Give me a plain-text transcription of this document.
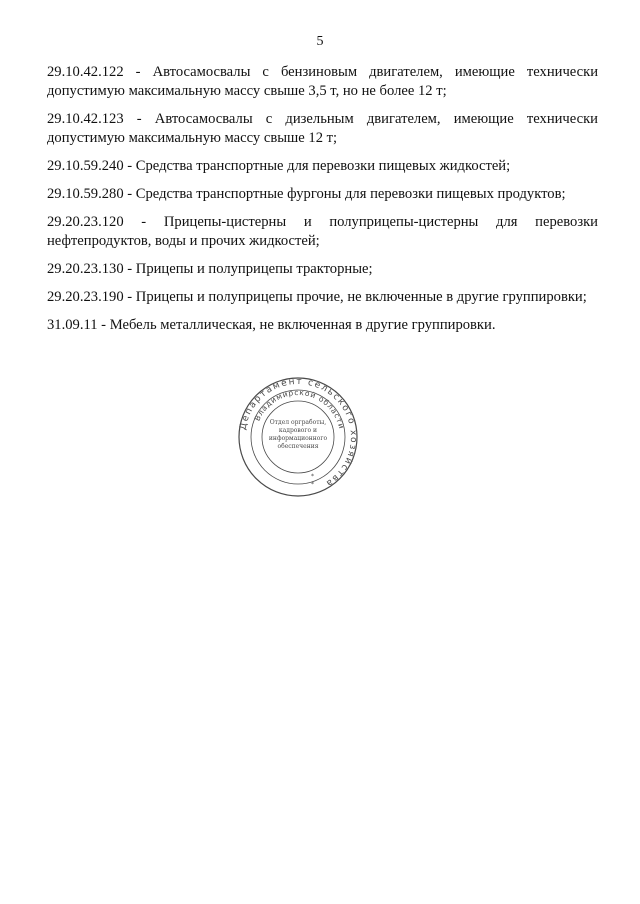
5

29.10.42.122 - Автосамосвалы с бензиновым двигателем, имеющие технически допустимую максимальную массу свыше 3,5 т, но не более 12 т;

29.10.42.123 - Автосамосвалы с дизельным двигателем, имеющие технически допустимую максимальную массу свыше 12 т;

29.10.59.240 - Средства транспортные для перевозки пищевых жидкостей;

29.10.59.280 - Средства транспортные фургоны для перевозки пищевых продуктов;

29.20.23.120 - Прицепы-цистерны и полуприцепы-цистерны для перевозки нефтепродуктов, воды и прочих жидкостей;

29.20.23.130 - Прицепы и полуприцепы тракторные;

29.20.23.190 - Прицепы и полуприцепы прочие, не включенные в другие группировки;

31.09.11 - Мебель металлическая, не включенная в другие группировки.

Департамент сельского хозяйства
Владимирской области
Отдел оргработы,
кадрового и
информационного
обеспечения
*
*
